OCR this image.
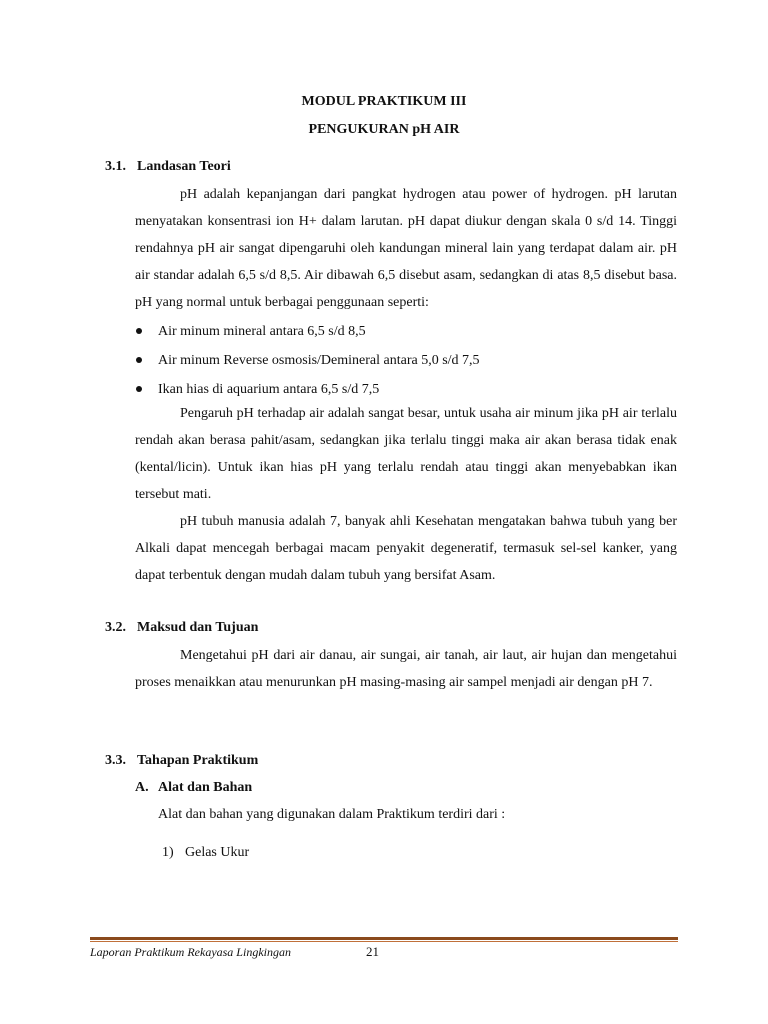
MODUL PRAKTIKUM III
PENGUKURAN pH AIR
3.1. Landasan Teori

pH adalah kepanjangan dari pangkat hydrogen atau power of hydrogen. pH larutan menyatakan konsentrasi ion H+ dalam larutan. pH dapat diukur dengan skala 0 s/d 14. Tinggi rendahnya pH air sangat dipengaruhi oleh kandungan mineral lain yang terdapat dalam air. pH air standar adalah 6,5 s/d 8,5. Air dibawah 6,5 disebut asam, sedangkan di atas 8,5 disebut basa. pH yang normal untuk berbagai penggunaan seperti:

Air minum mineral antara 6,5 s/d 8,5
Air minum Reverse osmosis/Demineral antara 5,0 s/d 7,5
Ikan hias di aquarium antara 6,5 s/d 7,5

Pengaruh pH terhadap air adalah sangat besar, untuk usaha air minum jika pH air terlalu rendah akan berasa pahit/asam, sedangkan jika terlalu tinggi maka air akan berasa tidak enak (kental/licin). Untuk ikan hias pH yang terlalu rendah atau tinggi akan menyebabkan ikan tersebut mati.

pH tubuh manusia adalah 7, banyak ahli Kesehatan mengatakan bahwa tubuh yang ber Alkali dapat mencegah berbagai macam penyakit degeneratif, termasuk sel-sel kanker, yang dapat terbentuk dengan mudah dalam tubuh yang bersifat Asam.

3.2. Maksud dan Tujuan

Mengetahui pH dari air danau, air sungai, air tanah, air laut, air hujan dan mengetahui proses menaikkan atau menurunkan pH masing-masing air sampel menjadi air dengan pH 7.

3.3. Tahapan Praktikum
A. Alat dan Bahan
Alat dan bahan yang digunakan dalam Praktikum terdiri dari :
1) Gelas Ukur
Laporan Praktikum Rekayasa Lingkingan	21
